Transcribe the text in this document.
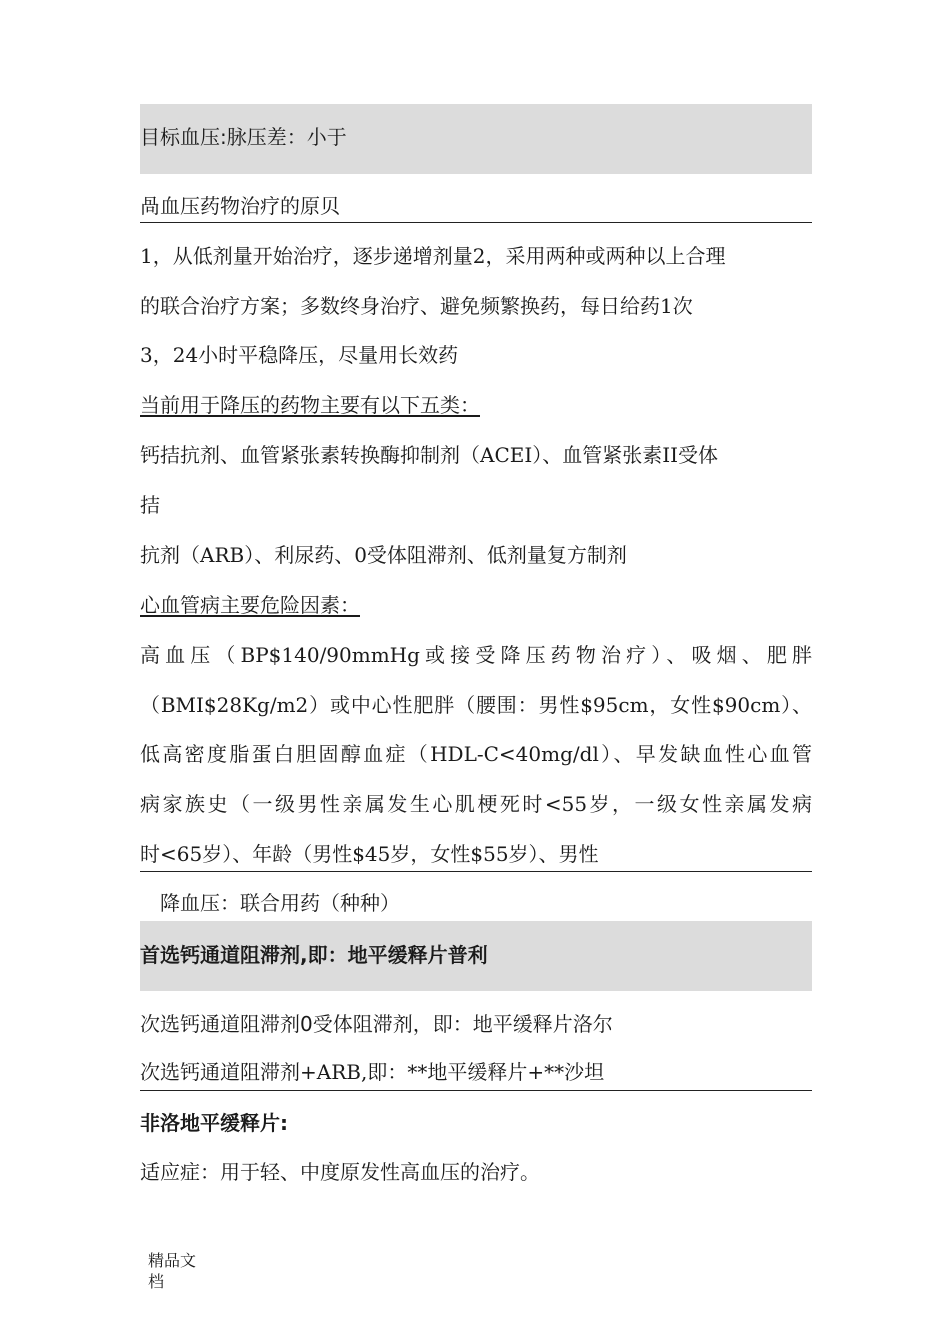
目标血压:脉压差：小于
咼血压药物治疗的原贝
1，从低剂量开始治疗，逐步递增剂量2，采用两种或两种以上合理
的联合治疗方案；多数终身治疗、避免频繁换药，每日给药1次
3，24小时平稳降压，尽量用长效药
当前用于降压的药物主要有以下五类：
钙拮抗剂、血管紧张素转换酶抑制剂（ACEI）、血管紧张素II受体
拮
抗剂（ARB）、利尿药、0受体阻滞剂、低剂量复方制剂
心血管病主要危险因素：
高血压（BP$140/90mmHg或接受降压药物治疗）、吸烟、肥胖
（BMI$28Kg/m2）或中心性肥胖（腰围：男性$95cm，女性$90cm）、
低高密度脂蛋白胆固醇血症（HDL-C<40mg/dl）、早发缺血性心血管
病家族史（一级男性亲属发生心肌梗死时<55岁，一级女性亲属发病
时<65岁）、年龄（男性$45岁，女性$55岁）、男性
降血压：联合用药（种种）
首选钙通道阻滞剂,即：地平缓释片普利
次选钙通道阻滞剂0受体阻滞剂，即：地平缓释片洛尔
次选钙通道阻滞剂+ARB,即：**地平缓释片+**沙坦
非洛地平缓释片:
适应症：用于轻、中度原发性高血压的治疗。
精品文档
